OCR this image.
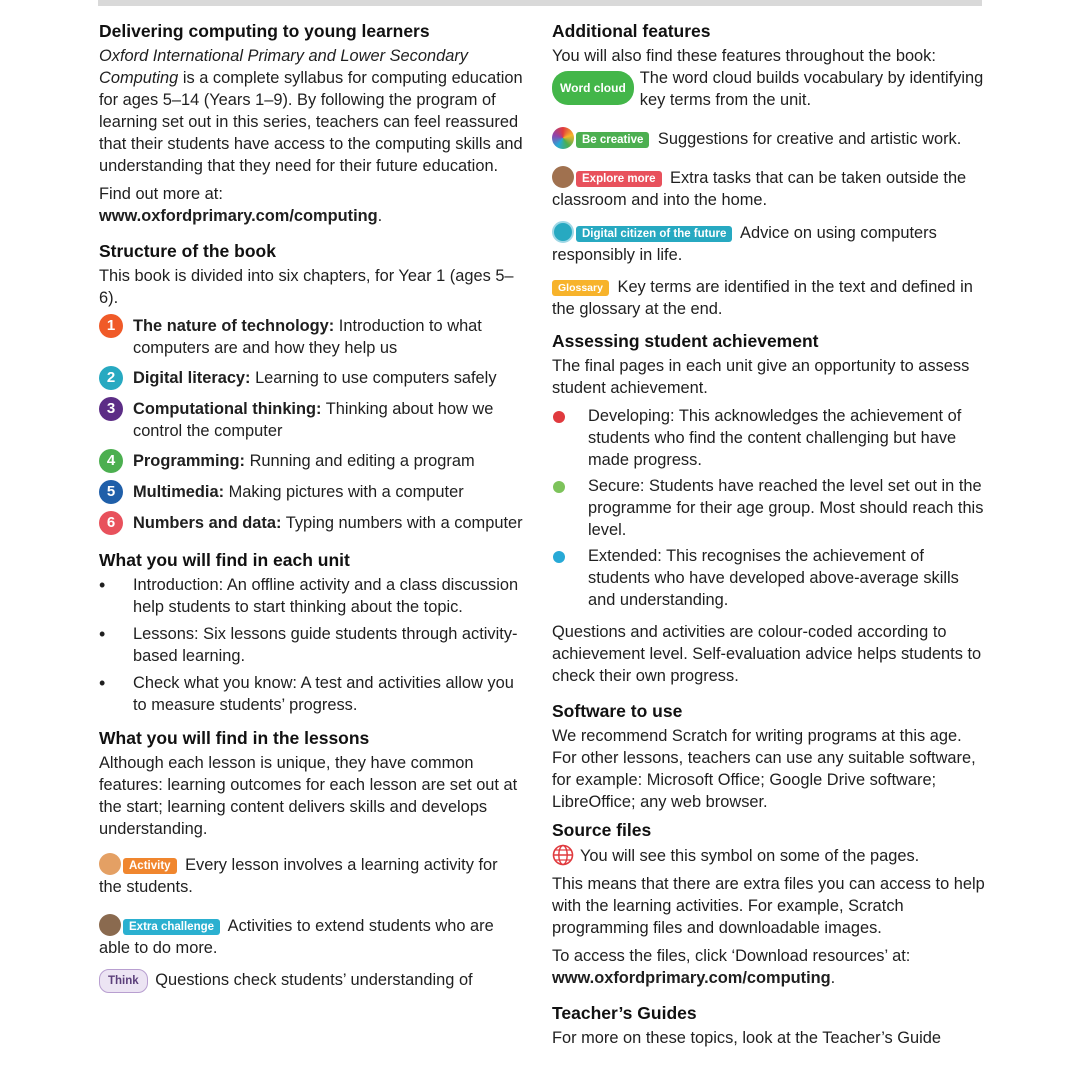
Delivering computing to young learners

Oxford International Primary and Lower Secondary Computing is a complete syllabus for computing education for ages 5–14 (Years 1–9). By following the program of learning set out in this series, teachers can feel reassured that their students have access to the computing skills and understanding that they need for their future education.

Find out more at:

www.oxfordprimary.com/computing.

Structure of the book

This book is divided into six chapters, for Year 1 (ages 5–6).

1	The nature of technology: Introduction to what computers are and how they help us
2	Digital literacy: Learning to use computers safely
3	Computational thinking: Thinking about how we control the computer
4	Programming: Running and editing a program
5	Multimedia: Making pictures with a computer
6	Numbers and data: Typing numbers with a computer
What you will find in each unit
•	Introduction: An offline activity and a class discussion help students to start thinking about the topic.
•	Lessons: Six lessons guide students through activity-based learning.
•	Check what you know: A test and activities allow you to measure students’ progress.
What you will find in the lessons

Although each lesson is unique, they have common features: learning outcomes for each lesson are set out at the start; learning content delivers skills and develops understanding.

Activity Every lesson involves a learning activity for the students.

Extra challenge Activities to extend students who are able to do more.

Think Questions check students’ understanding of

Additional features

You will also find these features throughout the book:

Word cloud
The word cloud builds vocabulary by identifying key terms from the unit.

Be creative Suggestions for creative and artistic work.

Explore more Extra tasks that can be taken outside the classroom and into the home.

Digital citizen of the future Advice on using computers responsibly in life.

Glossary Key terms are identified in the text and defined in the glossary at the end.

Assessing student achievement

The final pages in each unit give an opportunity to assess student achievement.

Developing: This acknowledges the achievement of students who find the content challenging but have made progress.
Secure: Students have reached the level set out in the programme for their age group. Most should reach this level.
Extended: This recognises the achievement of students who have developed above-average skills and understanding.

Questions and activities are colour-coded according to achievement level. Self-evaluation advice helps students to check their own progress.

Software to use

We recommend Scratch for writing programs at this age. For other lessons, teachers can use any suitable software, for example: Microsoft Office; Google Drive software; LibreOffice; any web browser.

Source files

You will see this symbol on some of the pages.

This means that there are extra files you can access to help with the learning activities. For example, Scratch programming files and downloadable images.

To access the files, click ‘Download resources’ at:

www.oxfordprimary.com/computing.

Teacher’s Guides

For more on these topics, look at the Teacher’s Guide
